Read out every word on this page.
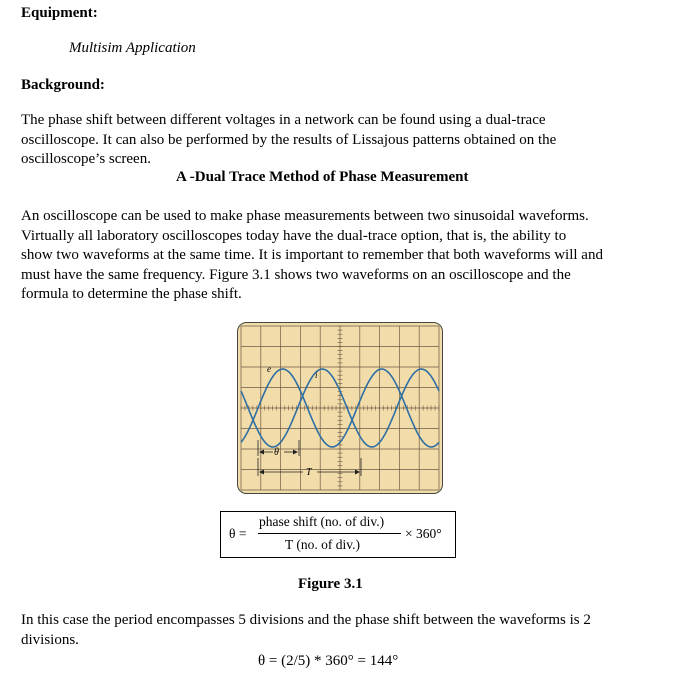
Equipment:
Multisim Application
Background:
The phase shift between different voltages in a network can be found using a dual-trace
oscilloscope. It can also be performed by the results of Lissajous patterns obtained on the
oscilloscope’s screen.
A -Dual Trace Method of Phase Measurement
An oscilloscope can be used to make phase measurements between two sinusoidal waveforms.
Virtually all laboratory oscilloscopes today have the dual-trace option, that is, the ability to
show two waveforms at the same time. It is important to remember that both waveforms will and
must have the same frequency. Figure 3.1 shows two waveforms on an oscilloscope and the
formula to determine the phase shift.
e
i
θ
T
θ =
phase shift (no. of div.)
T (no. of div.)
× 360°
Figure 3.1
In this case the period encompasses 5 divisions and the phase shift between the waveforms is 2
divisions.
θ = (2/5) * 360° = 144°
